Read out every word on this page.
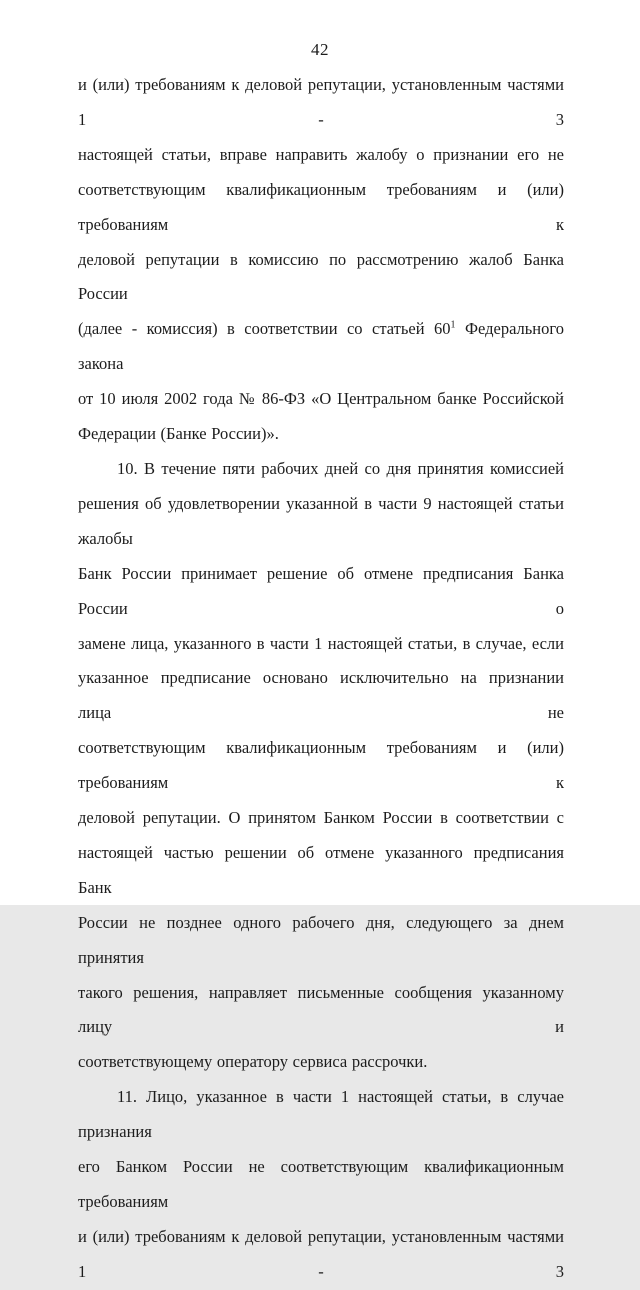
42
и (или) требованиям к деловой репутации, установленным частями 1 - 3
настоящей статьи, вправе направить жалобу о признании его не
соответствующим квалификационным требованиям и (или) требованиям к
деловой репутации в комиссию по рассмотрению жалоб Банка России
(далее - комиссия) в соответствии со статьей $60^1$ Федерального закона
от 10 июля 2002 года № 86-ФЗ «О Центральном банке Российской
Федерации (Банке России)».
10. В течение пяти рабочих дней со дня принятия комиссией
решения об удовлетворении указанной в части 9 настоящей статьи жалобы
Банк России принимает решение об отмене предписания Банка России о
замене лица, указанного в части 1 настоящей статьи, в случае, если
указанное предписание основано исключительно на признании лица не
соответствующим квалификационным требованиям и (или) требованиям к
деловой репутации. О принятом Банком России в соответствии с
настоящей частью решении об отмене указанного предписания Банк
России не позднее одного рабочего дня, следующего за днем принятия
такого решения, направляет письменные сообщения указанному лицу и
соответствующему оператору сервиса рассрочки.
11. Лицо, указанное в части 1 настоящей статьи, в случае признания
его Банком России не соответствующим квалификационным требованиям
и (или) требованиям к деловой репутации, установленным частями 1 - 3
